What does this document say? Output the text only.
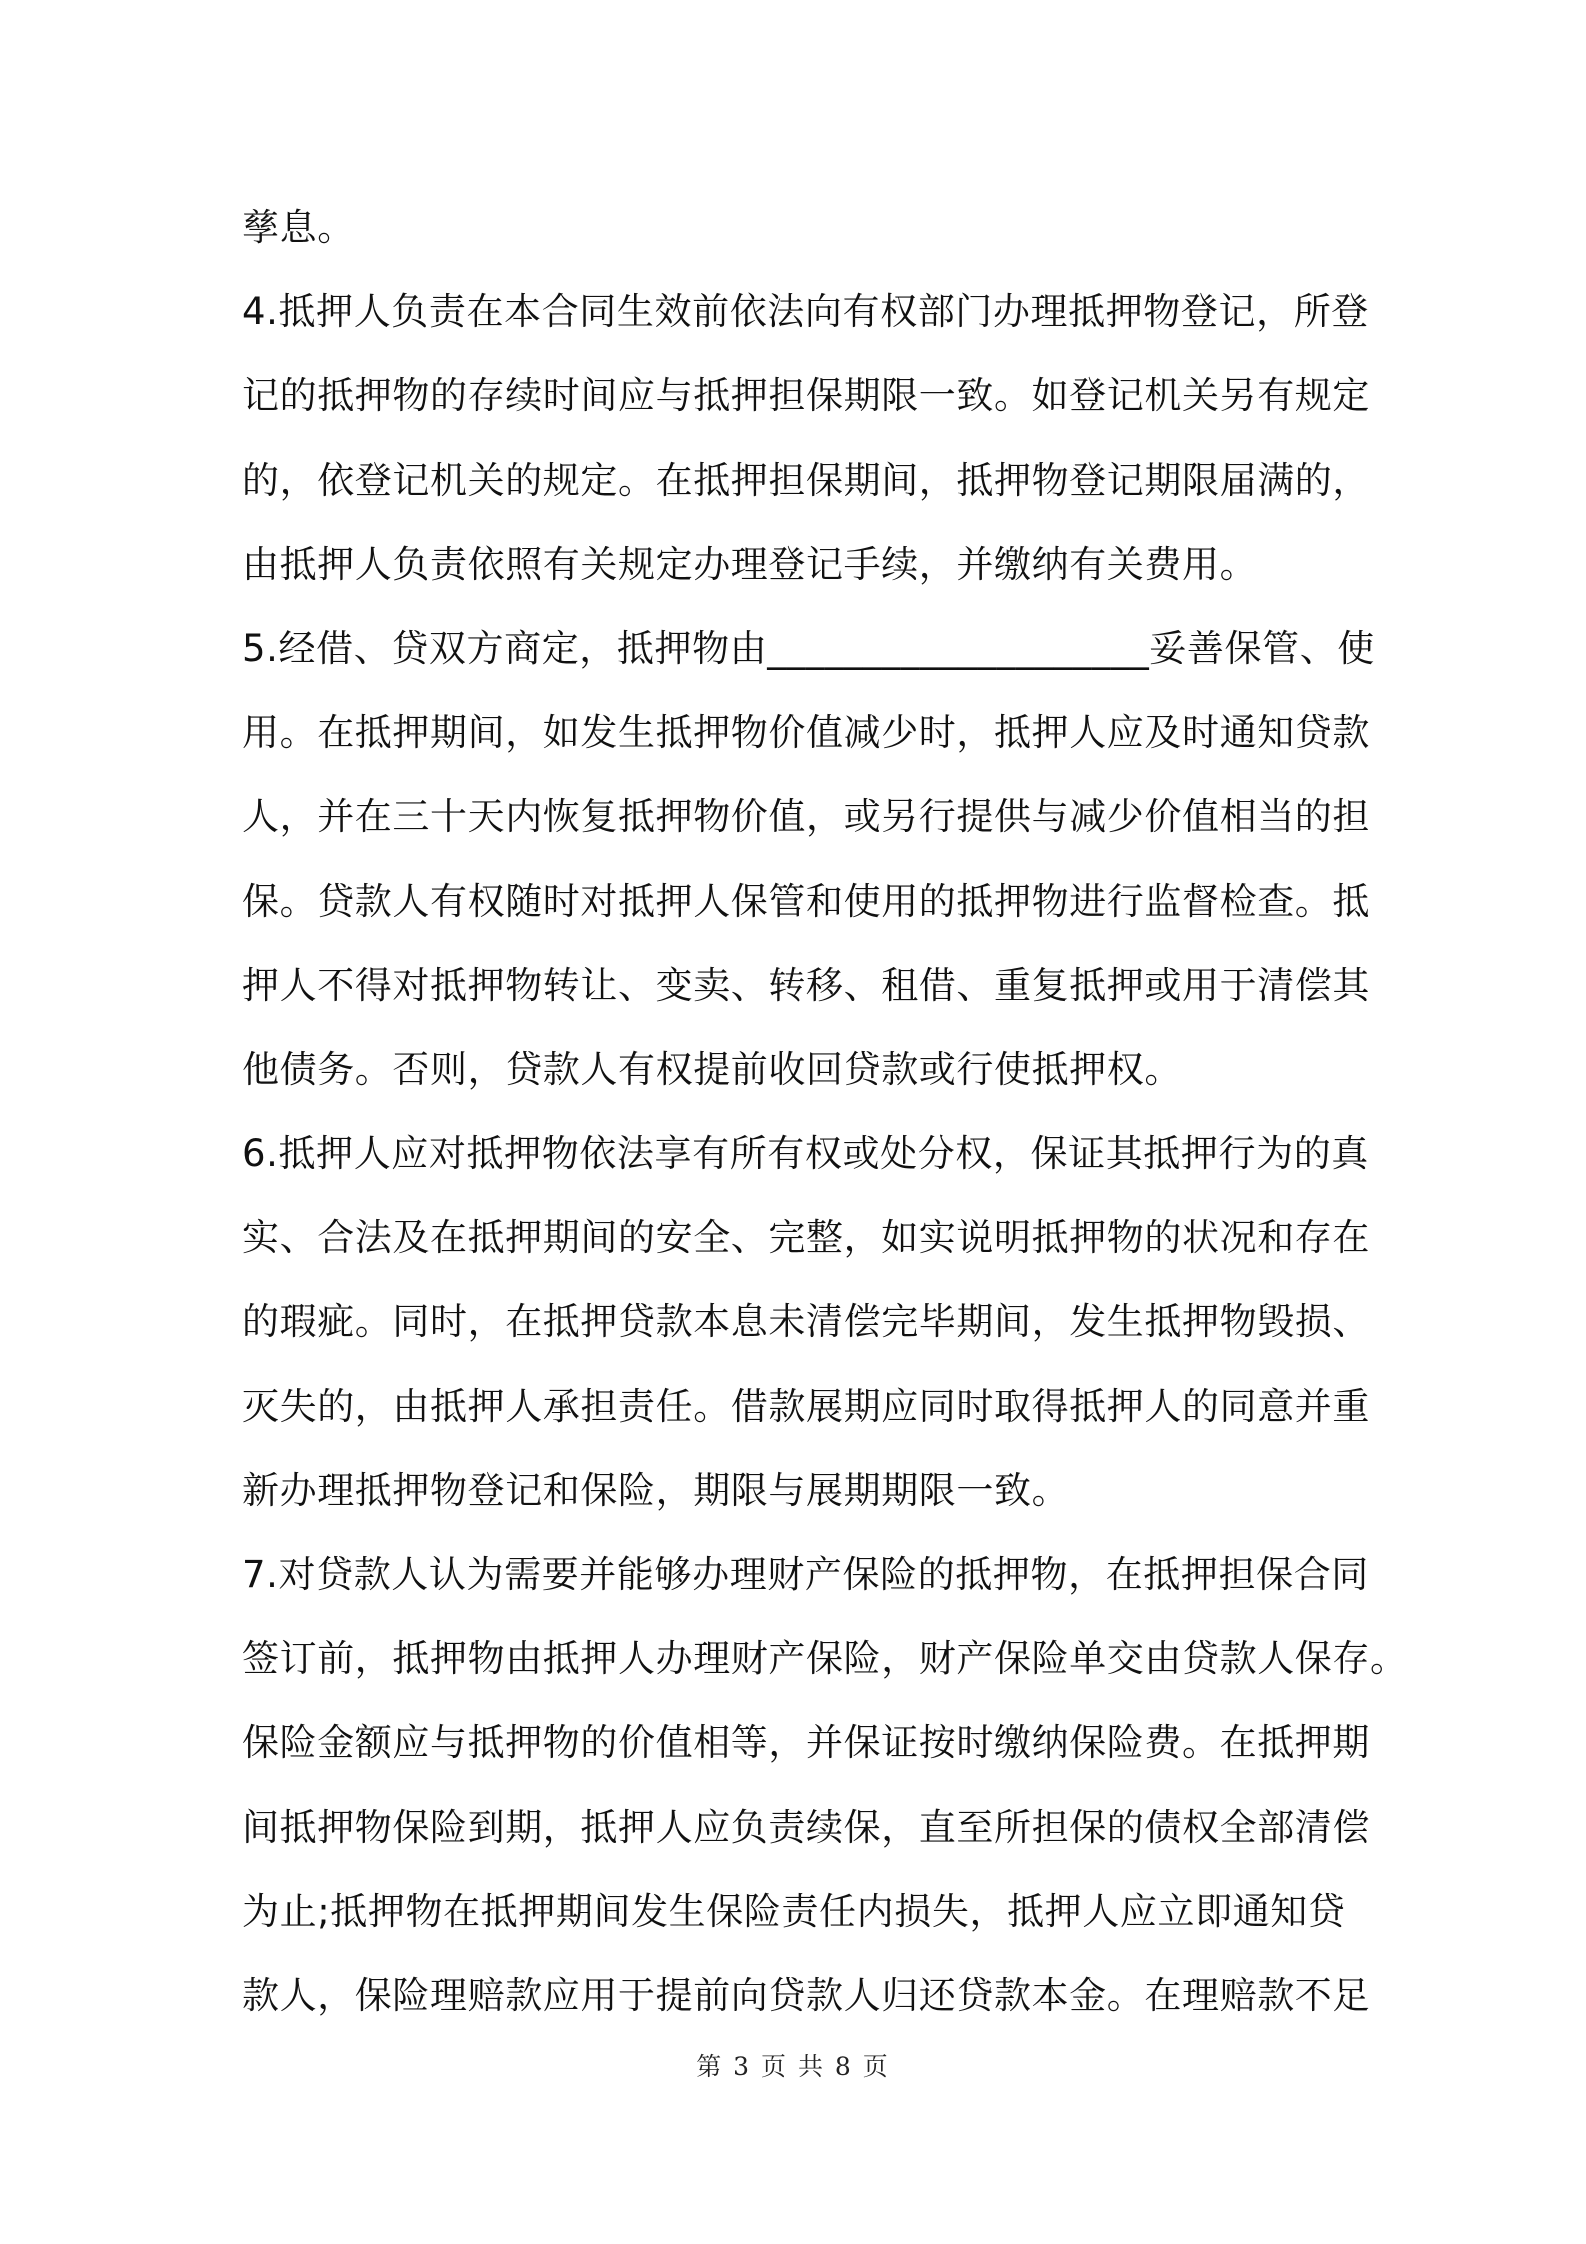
孳息。
4.抵押人负责在本合同生效前依法向有权部门办理抵押物登记，所登
记的抵押物的存续时间应与抵押担保期限一致。如登记机关另有规定
的，依登记机关的规定。在抵押担保期间，抵押物登记期限届满的，
由抵押人负责依照有关规定办理登记手续，并缴纳有关费用。
5.经借、贷双方商定，抵押物由____________________妥善保管、使
用。在抵押期间，如发生抵押物价值减少时，抵押人应及时通知贷款
人，并在三十天内恢复抵押物价值，或另行提供与减少价值相当的担
保。贷款人有权随时对抵押人保管和使用的抵押物进行监督检查。抵
押人不得对抵押物转让、变卖、转移、租借、重复抵押或用于清偿其
他债务。否则，贷款人有权提前收回贷款或行使抵押权。
6.抵押人应对抵押物依法享有所有权或处分权，保证其抵押行为的真
实、合法及在抵押期间的安全、完整，如实说明抵押物的状况和存在
的瑕疵。同时，在抵押贷款本息未清偿完毕期间，发生抵押物毁损、
灭失的，由抵押人承担责任。借款展期应同时取得抵押人的同意并重
新办理抵押物登记和保险，期限与展期期限一致。
7.对贷款人认为需要并能够办理财产保险的抵押物，在抵押担保合同
签订前，抵押物由抵押人办理财产保险，财产保险单交由贷款人保存。
保险金额应与抵押物的价值相等，并保证按时缴纳保险费。在抵押期
间抵押物保险到期，抵押人应负责续保，直至所担保的债权全部清偿
为止;抵押物在抵押期间发生保险责任内损失，抵押人应立即通知贷
款人，保险理赔款应用于提前向贷款人归还贷款本金。在理赔款不足
第 3 页 共 8 页
